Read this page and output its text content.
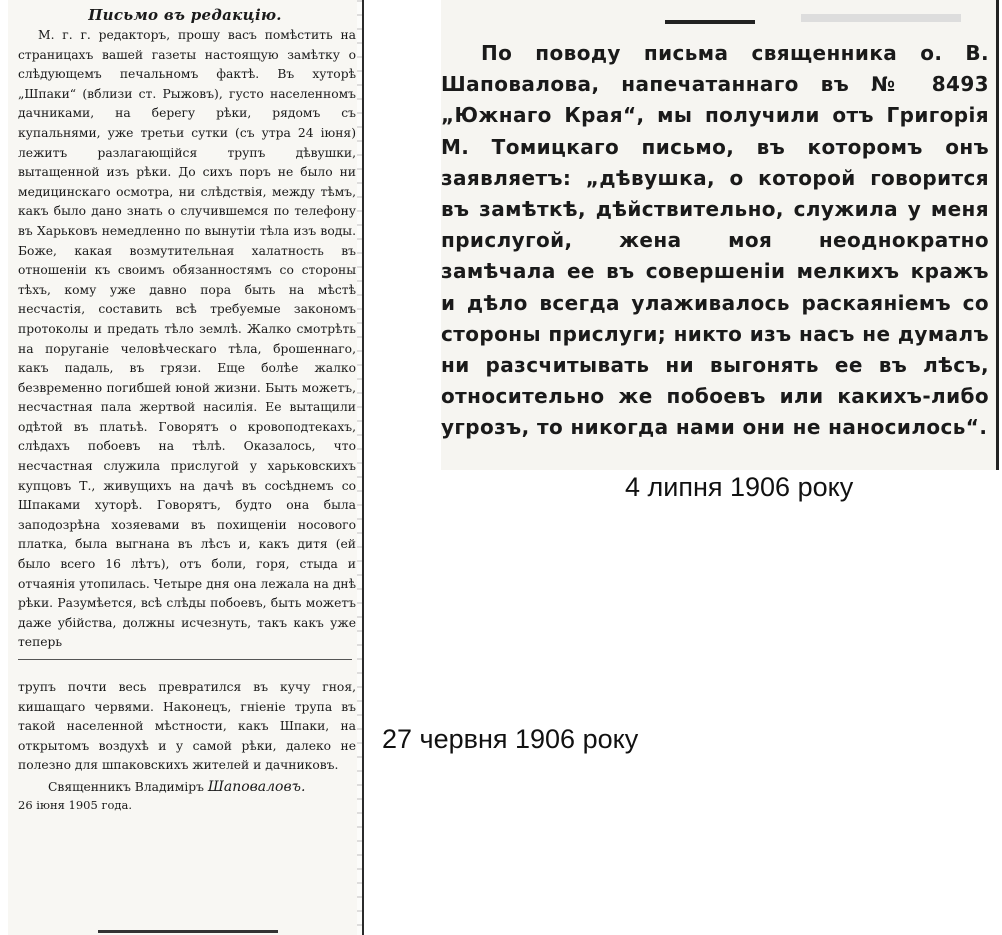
Письмо въ редакцію.

М. г. г. редакторъ, прошу васъ помѣстить на страницахъ вашей газеты настоящую замѣтку о слѣдующемъ печальномъ фактѣ. Въ хуторѣ „Шпаки“ (вблизи ст. Рыжовъ), густо населенномъ дачниками, на берегу рѣки, рядомъ съ купальнями, уже третьи сутки (съ утра 24 іюня) лежитъ разлагающійся трупъ дѣвушки, вытащенной изъ рѣки. До сихъ поръ не было ни медицинскаго осмотра, ни слѣдствія, между тѣмъ, какъ было дано знать о случившемся по телефону въ Харьковъ немедленно по вынутіи тѣла изъ воды. Боже, какая возмутительная халатность въ отношеніи къ своимъ обязанностямъ со стороны тѣхъ, кому уже давно пора быть на мѣстѣ несчастія, составить всѣ требуемые закономъ протоколы и предать тѣло землѣ. Жалко смотрѣть на поруганіе человѣческаго тѣла, брошеннаго, какъ падаль, въ грязи. Еще болѣе жалко безвременно погибшей юной жизни. Быть можетъ, несчастная пала жертвой насилія. Ее вытащили одѣтой въ платьѣ. Говорятъ о кровоподтекахъ, слѣдахъ побоевъ на тѣлѣ. Оказалось, что несчастная служила прислугой у харьковскихъ купцовъ Т., живущихъ на дачѣ въ сосѣднемъ со Шпаками хуторѣ. Говорятъ, будто она была заподозрѣна хозяевами въ похищеніи носового платка, была выгнана въ лѣсъ и, какъ дитя (ей было всего 16 лѣтъ), отъ боли, горя, стыда и отчаянія утопилась. Четыре дня она лежала на днѣ рѣки. Разумѣется, всѣ слѣды побоевъ, быть можетъ даже убійства, должны исчезнуть, такъ какъ уже теперь

трупъ почти весь превратился въ кучу гноя, кишащаго червями. Наконецъ, гніеніе трупа въ такой населенной мѣстности, какъ Шпаки, на открытомъ воздухѣ и у самой рѣки, далеко не полезно для шпаковскихъ жителей и дачниковъ.

Священникъ Владиміръ Шаповаловъ.
26 іюня 1905 года.

По поводу письма священника о. В. Шаповалова, напечатаннаго въ № 8493 „Южнаго Края“, мы получили отъ Григорія М. Томицкаго письмо, въ которомъ онъ заявляетъ: „дѣвушка, о которой говорится въ замѣткѣ, дѣйствительно, служила у меня прислугой, жена моя неоднократно замѣчала ее въ совершеніи мелкихъ кражъ и дѣло всегда улаживалось раскаяніемъ со стороны прислуги; никто изъ насъ не думалъ ни разсчитывать ни выгонять ее въ лѣсъ, относительно же побоевъ или какихъ-либо угрозъ, то никогда нами они не наносилось“.

4 липня 1906 року
27 червня 1906 року
